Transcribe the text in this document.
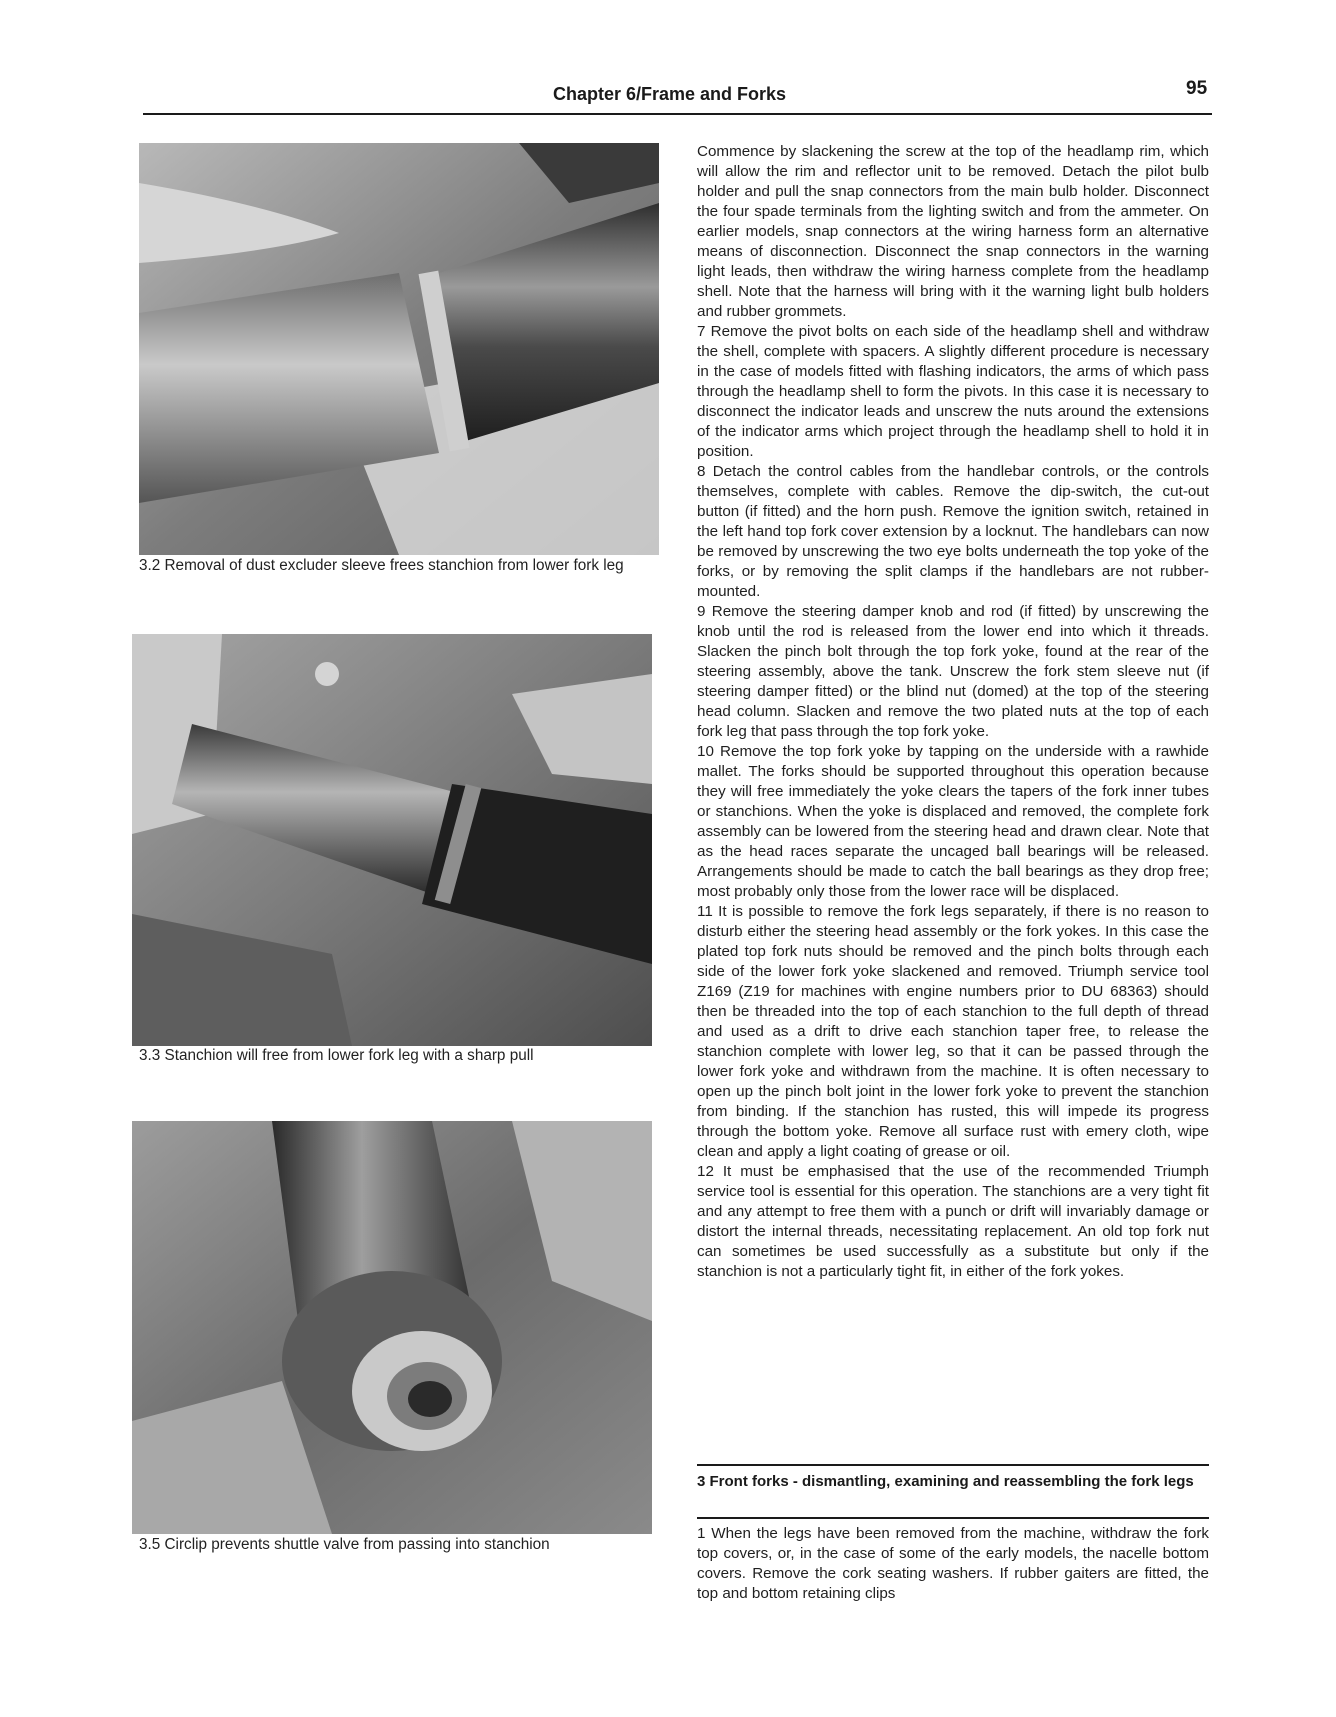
Chapter 6/Frame and Forks	95
3.2 Removal of dust excluder sleeve frees stanchion from lower fork leg
3.3 Stanchion will free from lower fork leg with a sharp pull
3.5 Circlip prevents shuttle valve from passing into stanchion

Commence by slackening the screw at the top of the headlamp rim, which will allow the rim and reflector unit to be removed. Detach the pilot bulb holder and pull the snap connectors from the main bulb holder. Disconnect the four spade terminals from the lighting switch and from the ammeter. On earlier models, snap connectors at the wiring harness form an alternative means of disconnection. Disconnect the snap connectors in the warning light leads, then withdraw the wiring harness complete from the headlamp shell. Note that the harness will bring with it the warning light bulb holders and rubber grommets.

7 Remove the pivot bolts on each side of the headlamp shell and withdraw the shell, complete with spacers. A slightly different procedure is necessary in the case of models fitted with flashing indicators, the arms of which pass through the headlamp shell to form the pivots. In this case it is necessary to disconnect the indicator leads and unscrew the nuts around the extensions of the indicator arms which project through the headlamp shell to hold it in position.

8 Detach the control cables from the handlebar controls, or the controls themselves, complete with cables. Remove the dip-switch, the cut-out button (if fitted) and the horn push. Remove the ignition switch, retained in the left hand top fork cover extension by a locknut. The handlebars can now be removed by unscrewing the two eye bolts underneath the top yoke of the forks, or by removing the split clamps if the handlebars are not rubber-mounted.

9 Remove the steering damper knob and rod (if fitted) by unscrewing the knob until the rod is released from the lower end into which it threads. Slacken the pinch bolt through the top fork yoke, found at the rear of the steering assembly, above the tank. Unscrew the fork stem sleeve nut (if steering damper fitted) or the blind nut (domed) at the top of the steering head column. Slacken and remove the two plated nuts at the top of each fork leg that pass through the top fork yoke.

10 Remove the top fork yoke by tapping on the underside with a rawhide mallet. The forks should be supported throughout this operation because they will free immediately the yoke clears the tapers of the fork inner tubes or stanchions. When the yoke is displaced and removed, the complete fork assembly can be lowered from the steering head and drawn clear. Note that as the head races separate the uncaged ball bearings will be released. Arrangements should be made to catch the ball bearings as they drop free; most probably only those from the lower race will be displaced.

11 It is possible to remove the fork legs separately, if there is no reason to disturb either the steering head assembly or the fork yokes. In this case the plated top fork nuts should be removed and the pinch bolts through each side of the lower fork yoke slackened and removed. Triumph service tool Z169 (Z19 for machines with engine numbers prior to DU 68363) should then be threaded into the top of each stanchion to the full depth of thread and used as a drift to drive each stanchion taper free, to release the stanchion complete with lower leg, so that it can be passed through the lower fork yoke and withdrawn from the machine. It is often necessary to open up the pinch bolt joint in the lower fork yoke to prevent the stanchion from binding. If the stanchion has rusted, this will impede its progress through the bottom yoke. Remove all surface rust with emery cloth, wipe clean and apply a light coating of grease or oil.

12 It must be emphasised that the use of the recommended Triumph service tool is essential for this operation. The stanchions are a very tight fit and any attempt to free them with a punch or drift will invariably damage or distort the internal threads, necessitating replacement. An old top fork nut can sometimes be used successfully as a substitute but only if the stanchion is not a particularly tight fit, in either of the fork yokes.

3 Front forks - dismantling, examining and reassembling the fork legs

1 When the legs have been removed from the machine, withdraw the fork top covers, or, in the case of some of the early models, the nacelle bottom covers. Remove the cork seating washers. If rubber gaiters are fitted, the top and bottom retaining clips
